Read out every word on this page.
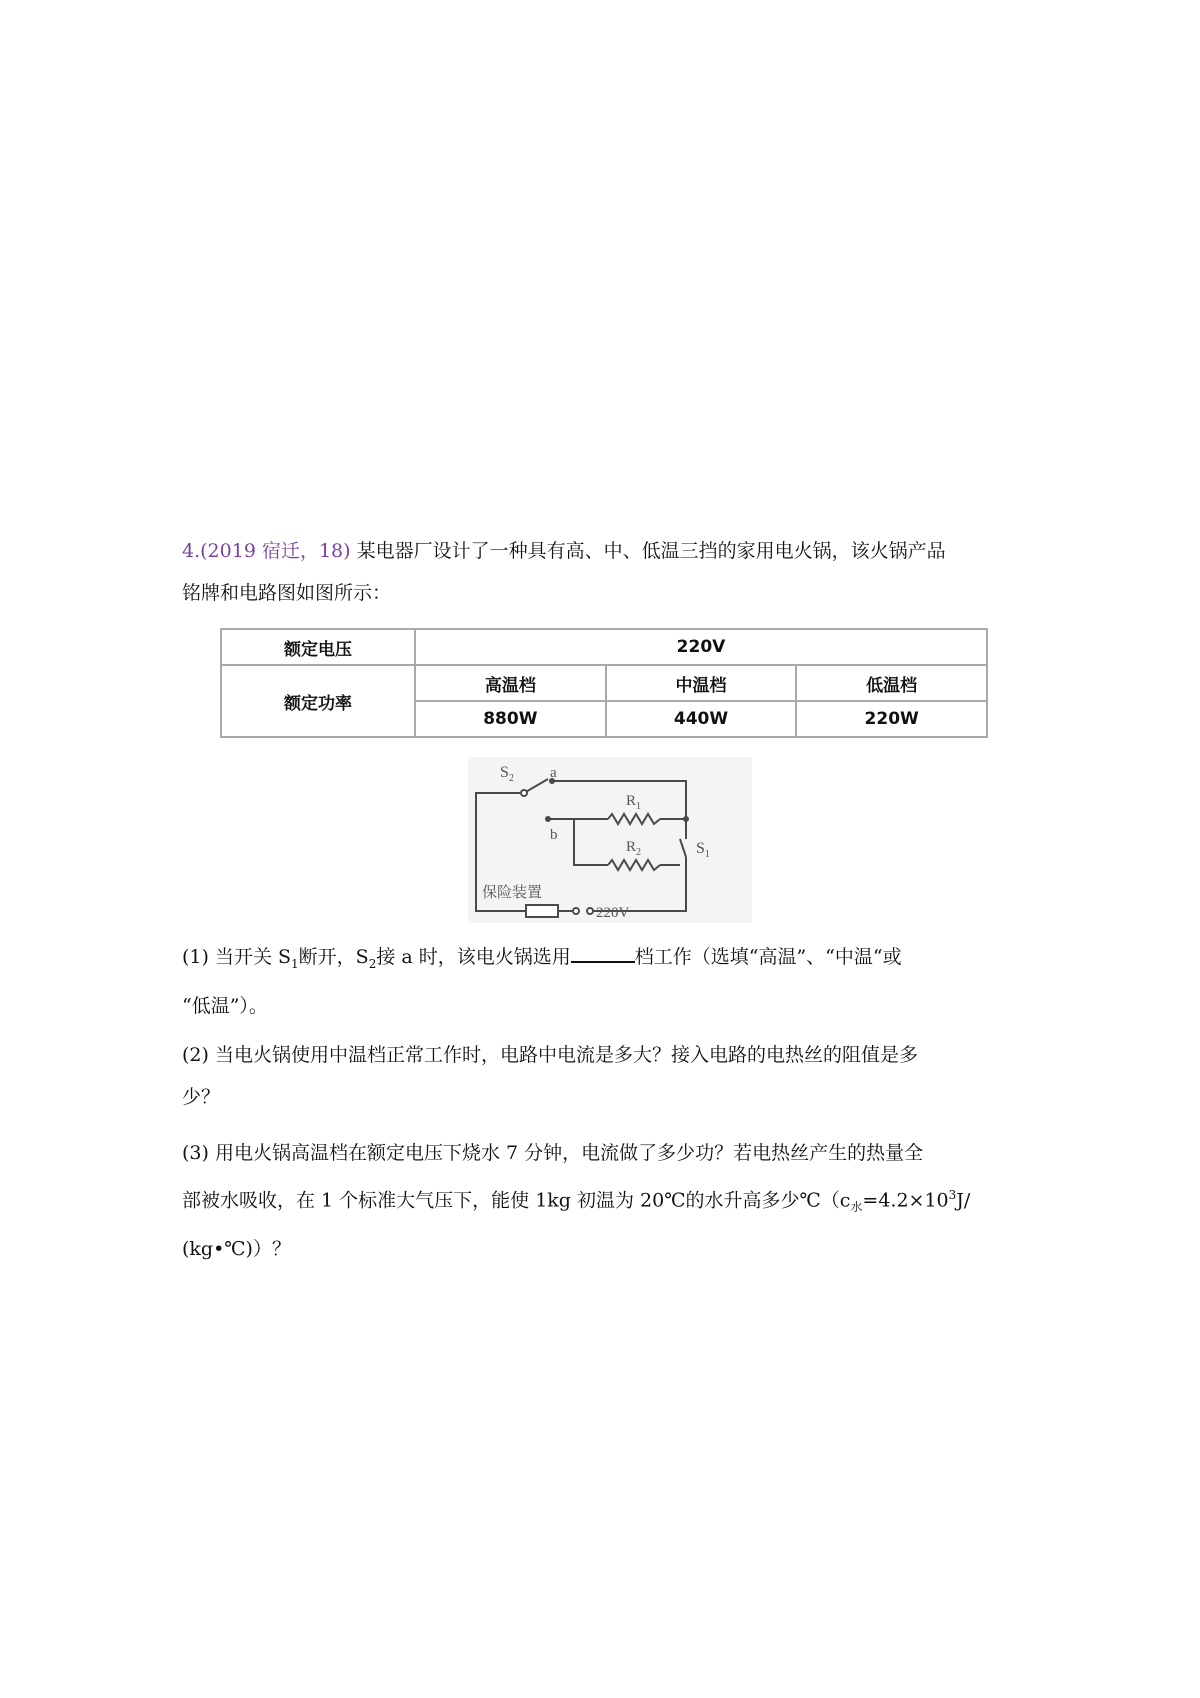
4.(2019 宿迁，18) 某电器厂设计了一种具有高、中、低温三挡的家用电火锅，该火锅产品

铭牌和电路图如图所示：

额定电压	220V		
额定功率	高温档	中温档	低温档
	880W	440W	220W
$S_2$ a
b
$R_1$
$R_2$	$S_1$
保险装置
220V

(1) 当开关 $S_1$断开，$S_2$接 a 时，该电火锅选用	档工作（选填“高温”、“中温“或

“低温”）。

(2) 当电火锅使用中温档正常工作时，电路中电流是多大？接入电路的电热丝的阻值是多

少？

(3) 用电火锅高温档在额定电压下烧水 7 分钟，电流做了多少功？若电热丝产生的热量全

部被水吸收，在 1 个标准大气压下，能使 1kg 初温为 20℃的水升高多少$℃(c_水=4.2\times 10^3J/$

(kg•℃)）？
